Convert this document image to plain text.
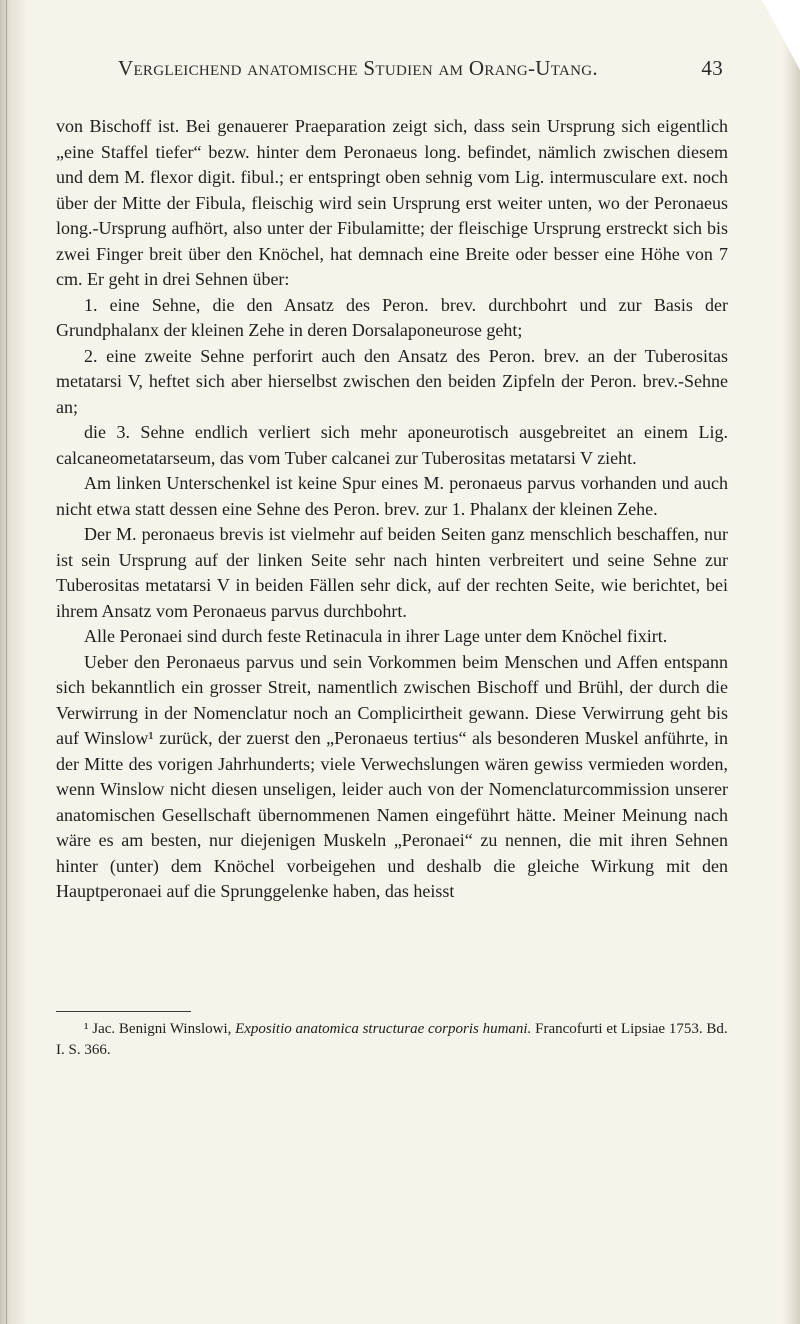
Vergleichend anatomische Studien am Orang-Utang.	43

von Bischoff ist. Bei genauerer Praeparation zeigt sich, dass sein Ursprung sich eigentlich „eine Staffel tiefer“ bezw. hinter dem Peronaeus long. befindet, nämlich zwischen diesem und dem M. flexor digit. fibul.; er entspringt oben sehnig vom Lig. intermusculare ext. noch über der Mitte der Fibula, fleischig wird sein Ursprung erst weiter unten, wo der Peronaeus long.-Ursprung aufhört, also unter der Fibulamitte; der fleischige Ursprung erstreckt sich bis zwei Finger breit über den Knöchel, hat demnach eine Breite oder besser eine Höhe von 7 cm. Er geht in drei Sehnen über:

1. eine Sehne, die den Ansatz des Peron. brev. durchbohrt und zur Basis der Grundphalanx der kleinen Zehe in deren Dorsalaponeurose geht;

2. eine zweite Sehne perforirt auch den Ansatz des Peron. brev. an der Tuberositas metatarsi V, heftet sich aber hierselbst zwischen den beiden Zipfeln der Peron. brev.-Sehne an;

die 3. Sehne endlich verliert sich mehr aponeurotisch ausgebreitet an einem Lig. calcaneometatarseum, das vom Tuber calcanei zur Tuberositas metatarsi V zieht.

Am linken Unterschenkel ist keine Spur eines M. peronaeus parvus vorhanden und auch nicht etwa statt dessen eine Sehne des Peron. brev. zur 1. Phalanx der kleinen Zehe.

Der M. peronaeus brevis ist vielmehr auf beiden Seiten ganz menschlich beschaffen, nur ist sein Ursprung auf der linken Seite sehr nach hinten verbreitert und seine Sehne zur Tuberositas metatarsi V in beiden Fällen sehr dick, auf der rechten Seite, wie berichtet, bei ihrem Ansatz vom Peronaeus parvus durchbohrt.

Alle Peronaei sind durch feste Retinacula in ihrer Lage unter dem Knöchel fixirt.

Ueber den Peronaeus parvus und sein Vorkommen beim Menschen und Affen entspann sich bekanntlich ein grosser Streit, namentlich zwischen Bischoff und Brühl, der durch die Verwirrung in der Nomenclatur noch an Complicirtheit gewann. Diese Verwirrung geht bis auf Winslow¹ zurück, der zuerst den „Peronaeus tertius“ als besonderen Muskel anführte, in der Mitte des vorigen Jahrhunderts; viele Verwechslungen wären gewiss vermieden worden, wenn Winslow nicht diesen unseligen, leider auch von der Nomenclaturcommission unserer anatomischen Gesellschaft übernommenen Namen eingeführt hätte. Meiner Meinung nach wäre es am besten, nur diejenigen Muskeln „Peronaei“ zu nennen, die mit ihren Sehnen hinter (unter) dem Knöchel vorbeigehen und deshalb die gleiche Wirkung mit den Hauptperonaei auf die Sprunggelenke haben, das heisst

¹ Jac. Benigni Winslowi, Expositio anatomica structurae corporis humani. Francofurti et Lipsiae 1753. Bd. I. S. 366.
